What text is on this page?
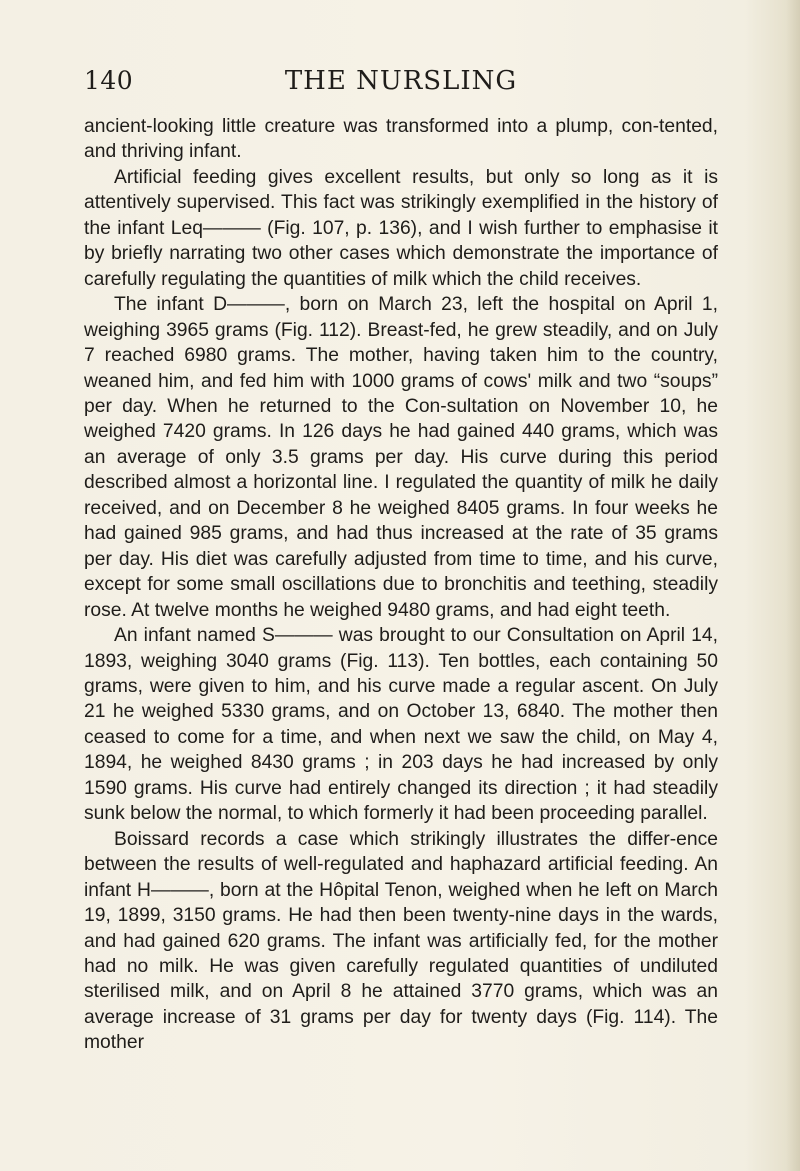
140	THE NURSLING

ancient-looking little creature was transformed into a plump, con-tented, and thriving infant.

Artificial feeding gives excellent results, but only so long as it is attentively supervised. This fact was strikingly exemplified in the history of the infant Leq——— (Fig. 107, p. 136), and I wish further to emphasise it by briefly narrating two other cases which demonstrate the importance of carefully regulating the quantities of milk which the child receives.

The infant D———, born on March 23, left the hospital on April 1, weighing 3965 grams (Fig. 112). Breast-fed, he grew steadily, and on July 7 reached 6980 grams. The mother, having taken him to the country, weaned him, and fed him with 1000 grams of cows' milk and two “soups” per day. When he returned to the Con-sultation on November 10, he weighed 7420 grams. In 126 days he had gained 440 grams, which was an average of only 3.5 grams per day. His curve during this period described almost a horizontal line. I regulated the quantity of milk he daily received, and on December 8 he weighed 8405 grams. In four weeks he had gained 985 grams, and had thus increased at the rate of 35 grams per day. His diet was carefully adjusted from time to time, and his curve, except for some small oscillations due to bronchitis and teething, steadily rose. At twelve months he weighed 9480 grams, and had eight teeth.

An infant named S——— was brought to our Consultation on April 14, 1893, weighing 3040 grams (Fig. 113). Ten bottles, each containing 50 grams, were given to him, and his curve made a regular ascent. On July 21 he weighed 5330 grams, and on October 13, 6840. The mother then ceased to come for a time, and when next we saw the child, on May 4, 1894, he weighed 8430 grams ; in 203 days he had increased by only 1590 grams. His curve had entirely changed its direction ; it had steadily sunk below the normal, to which formerly it had been proceeding parallel.

Boissard records a case which strikingly illustrates the differ-ence between the results of well-regulated and haphazard artificial feeding. An infant H———, born at the Hôpital Tenon, weighed when he left on March 19, 1899, 3150 grams. He had then been twenty-nine days in the wards, and had gained 620 grams. The infant was artificially fed, for the mother had no milk. He was given carefully regulated quantities of undiluted sterilised milk, and on April 8 he attained 3770 grams, which was an average increase of 31 grams per day for twenty days (Fig. 114). The mother
